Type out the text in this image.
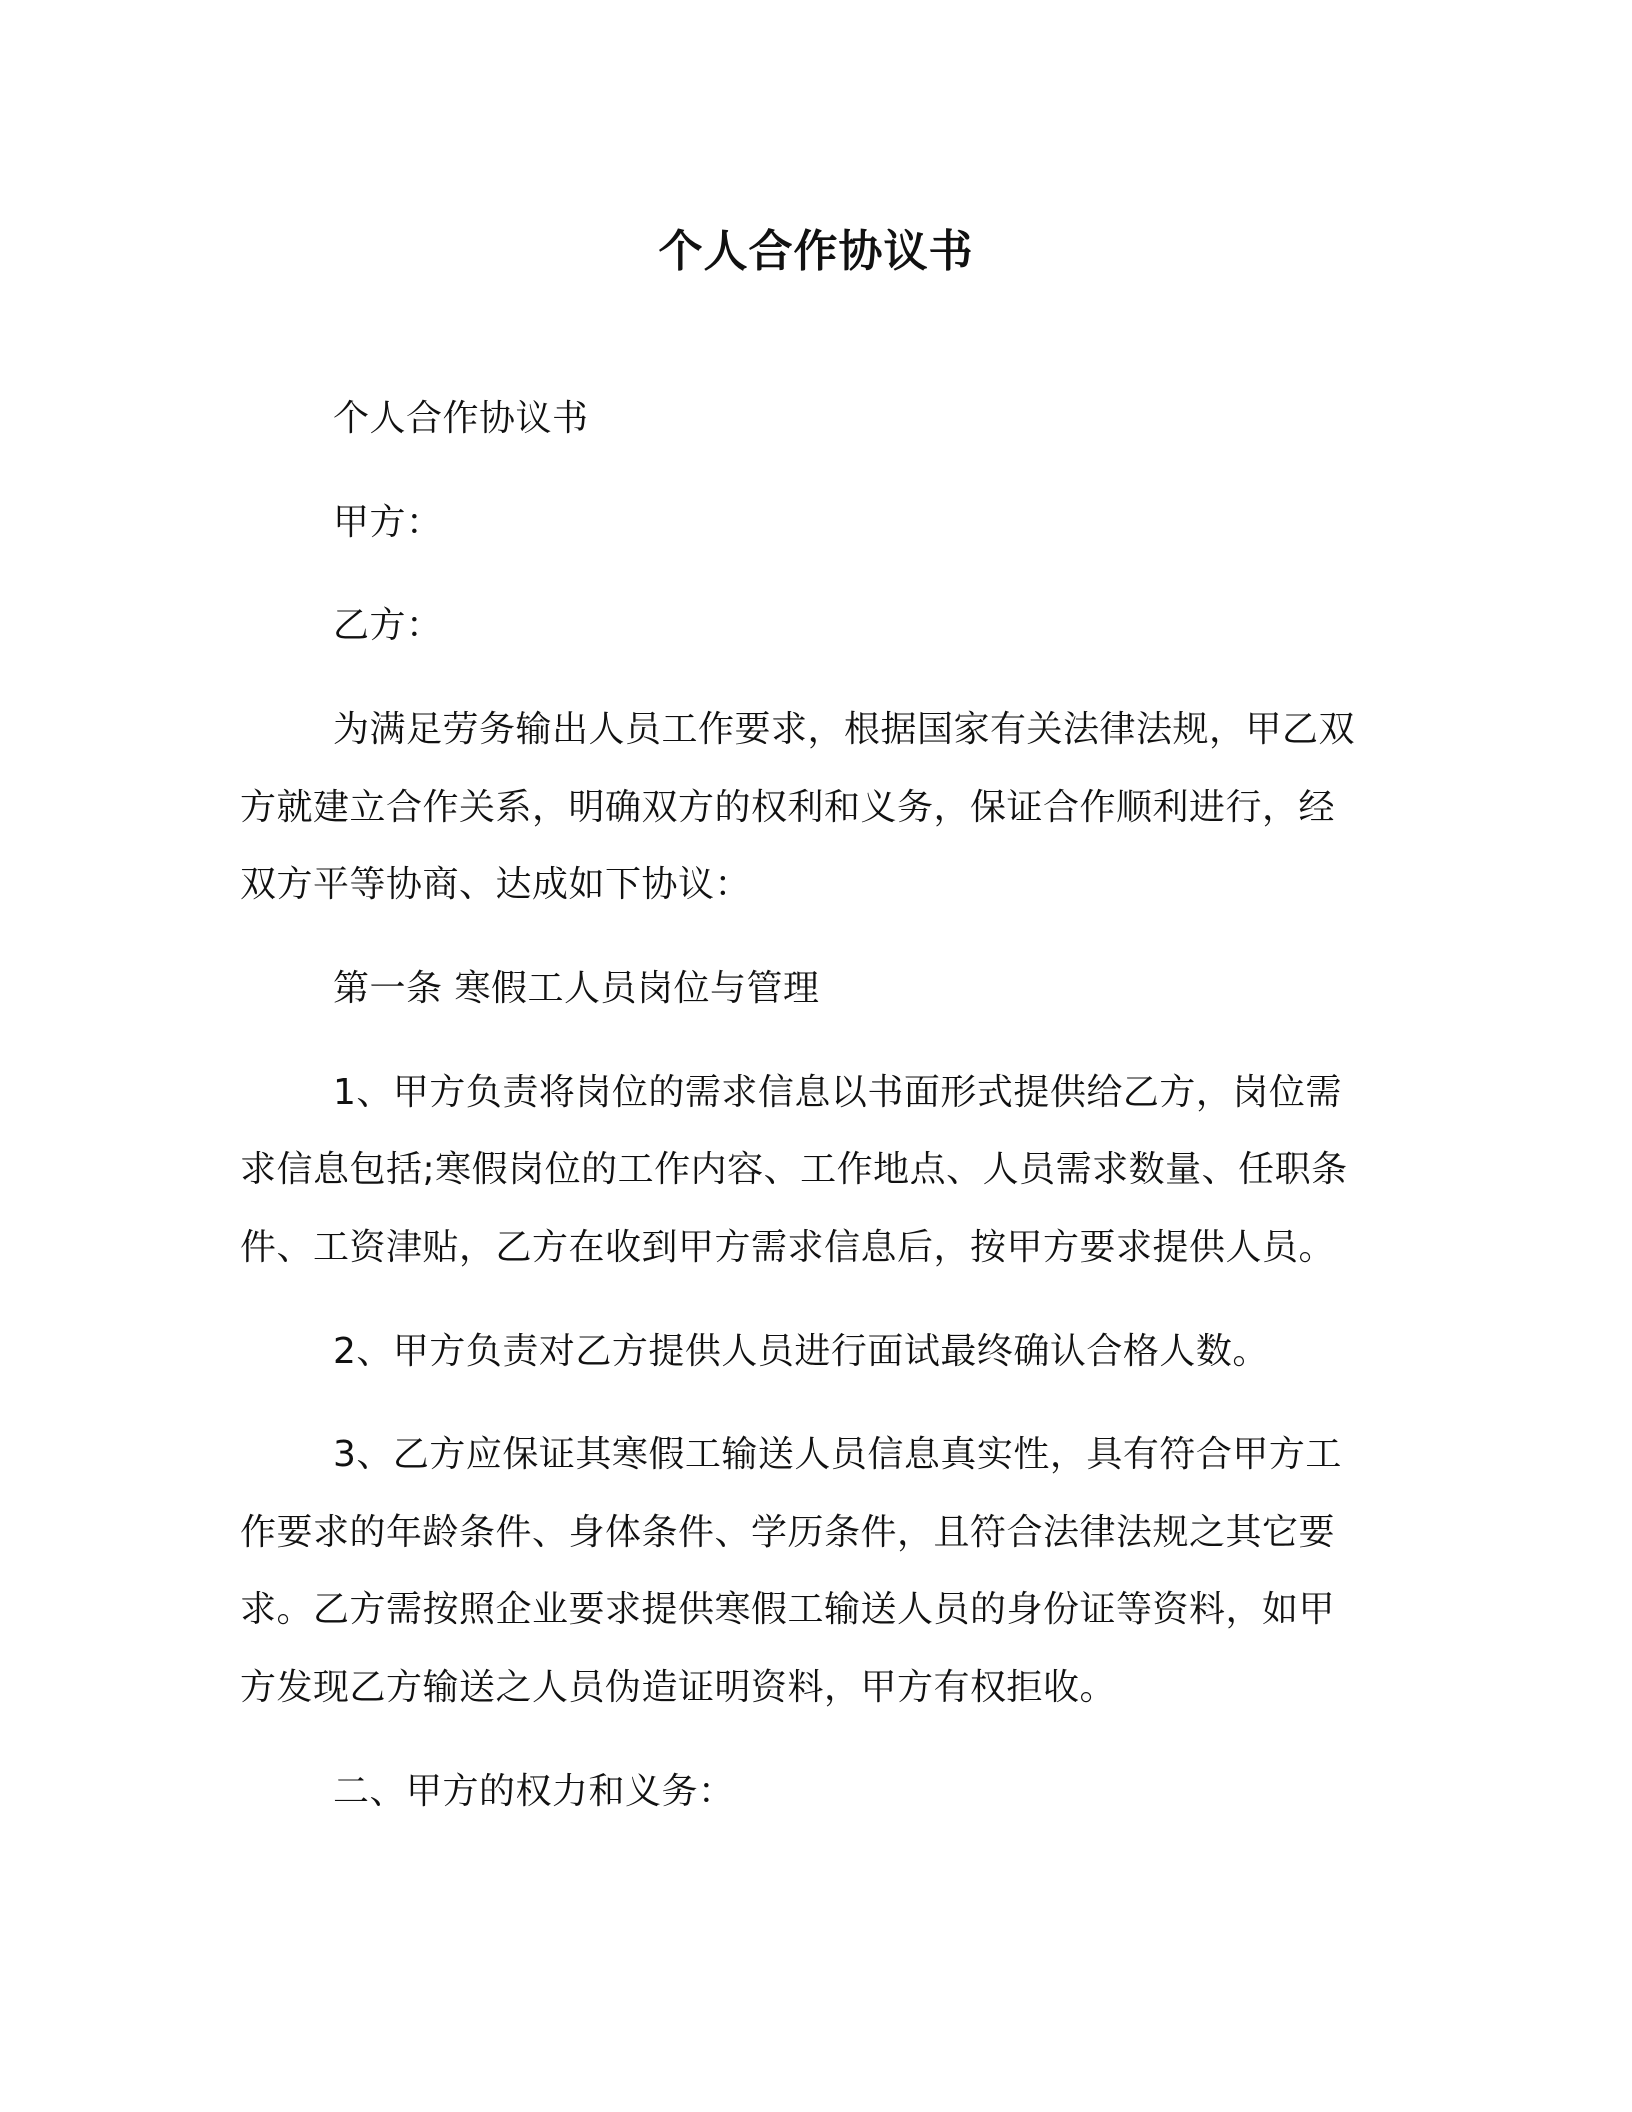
个人合作协议书
个人合作协议书
甲方：
乙方：
为满足劳务输出人员工作要求，根据国家有关法律法规，甲乙双
方就建立合作关系，明确双方的权利和义务，保证合作顺利进行，经
双方平等协商、达成如下协议：
第一条 寒假工人员岗位与管理
1、甲方负责将岗位的需求信息以书面形式提供给乙方，岗位需
求信息包括;寒假岗位的工作内容、工作地点、人员需求数量、任职条
件、工资津贴，乙方在收到甲方需求信息后，按甲方要求提供人员。
2、甲方负责对乙方提供人员进行面试最终确认合格人数。
3、乙方应保证其寒假工输送人员信息真实性，具有符合甲方工
作要求的年龄条件、身体条件、学历条件，且符合法律法规之其它要
求。乙方需按照企业要求提供寒假工输送人员的身份证等资料，如甲
方发现乙方输送之人员伪造证明资料，甲方有权拒收。
二、甲方的权力和义务：
